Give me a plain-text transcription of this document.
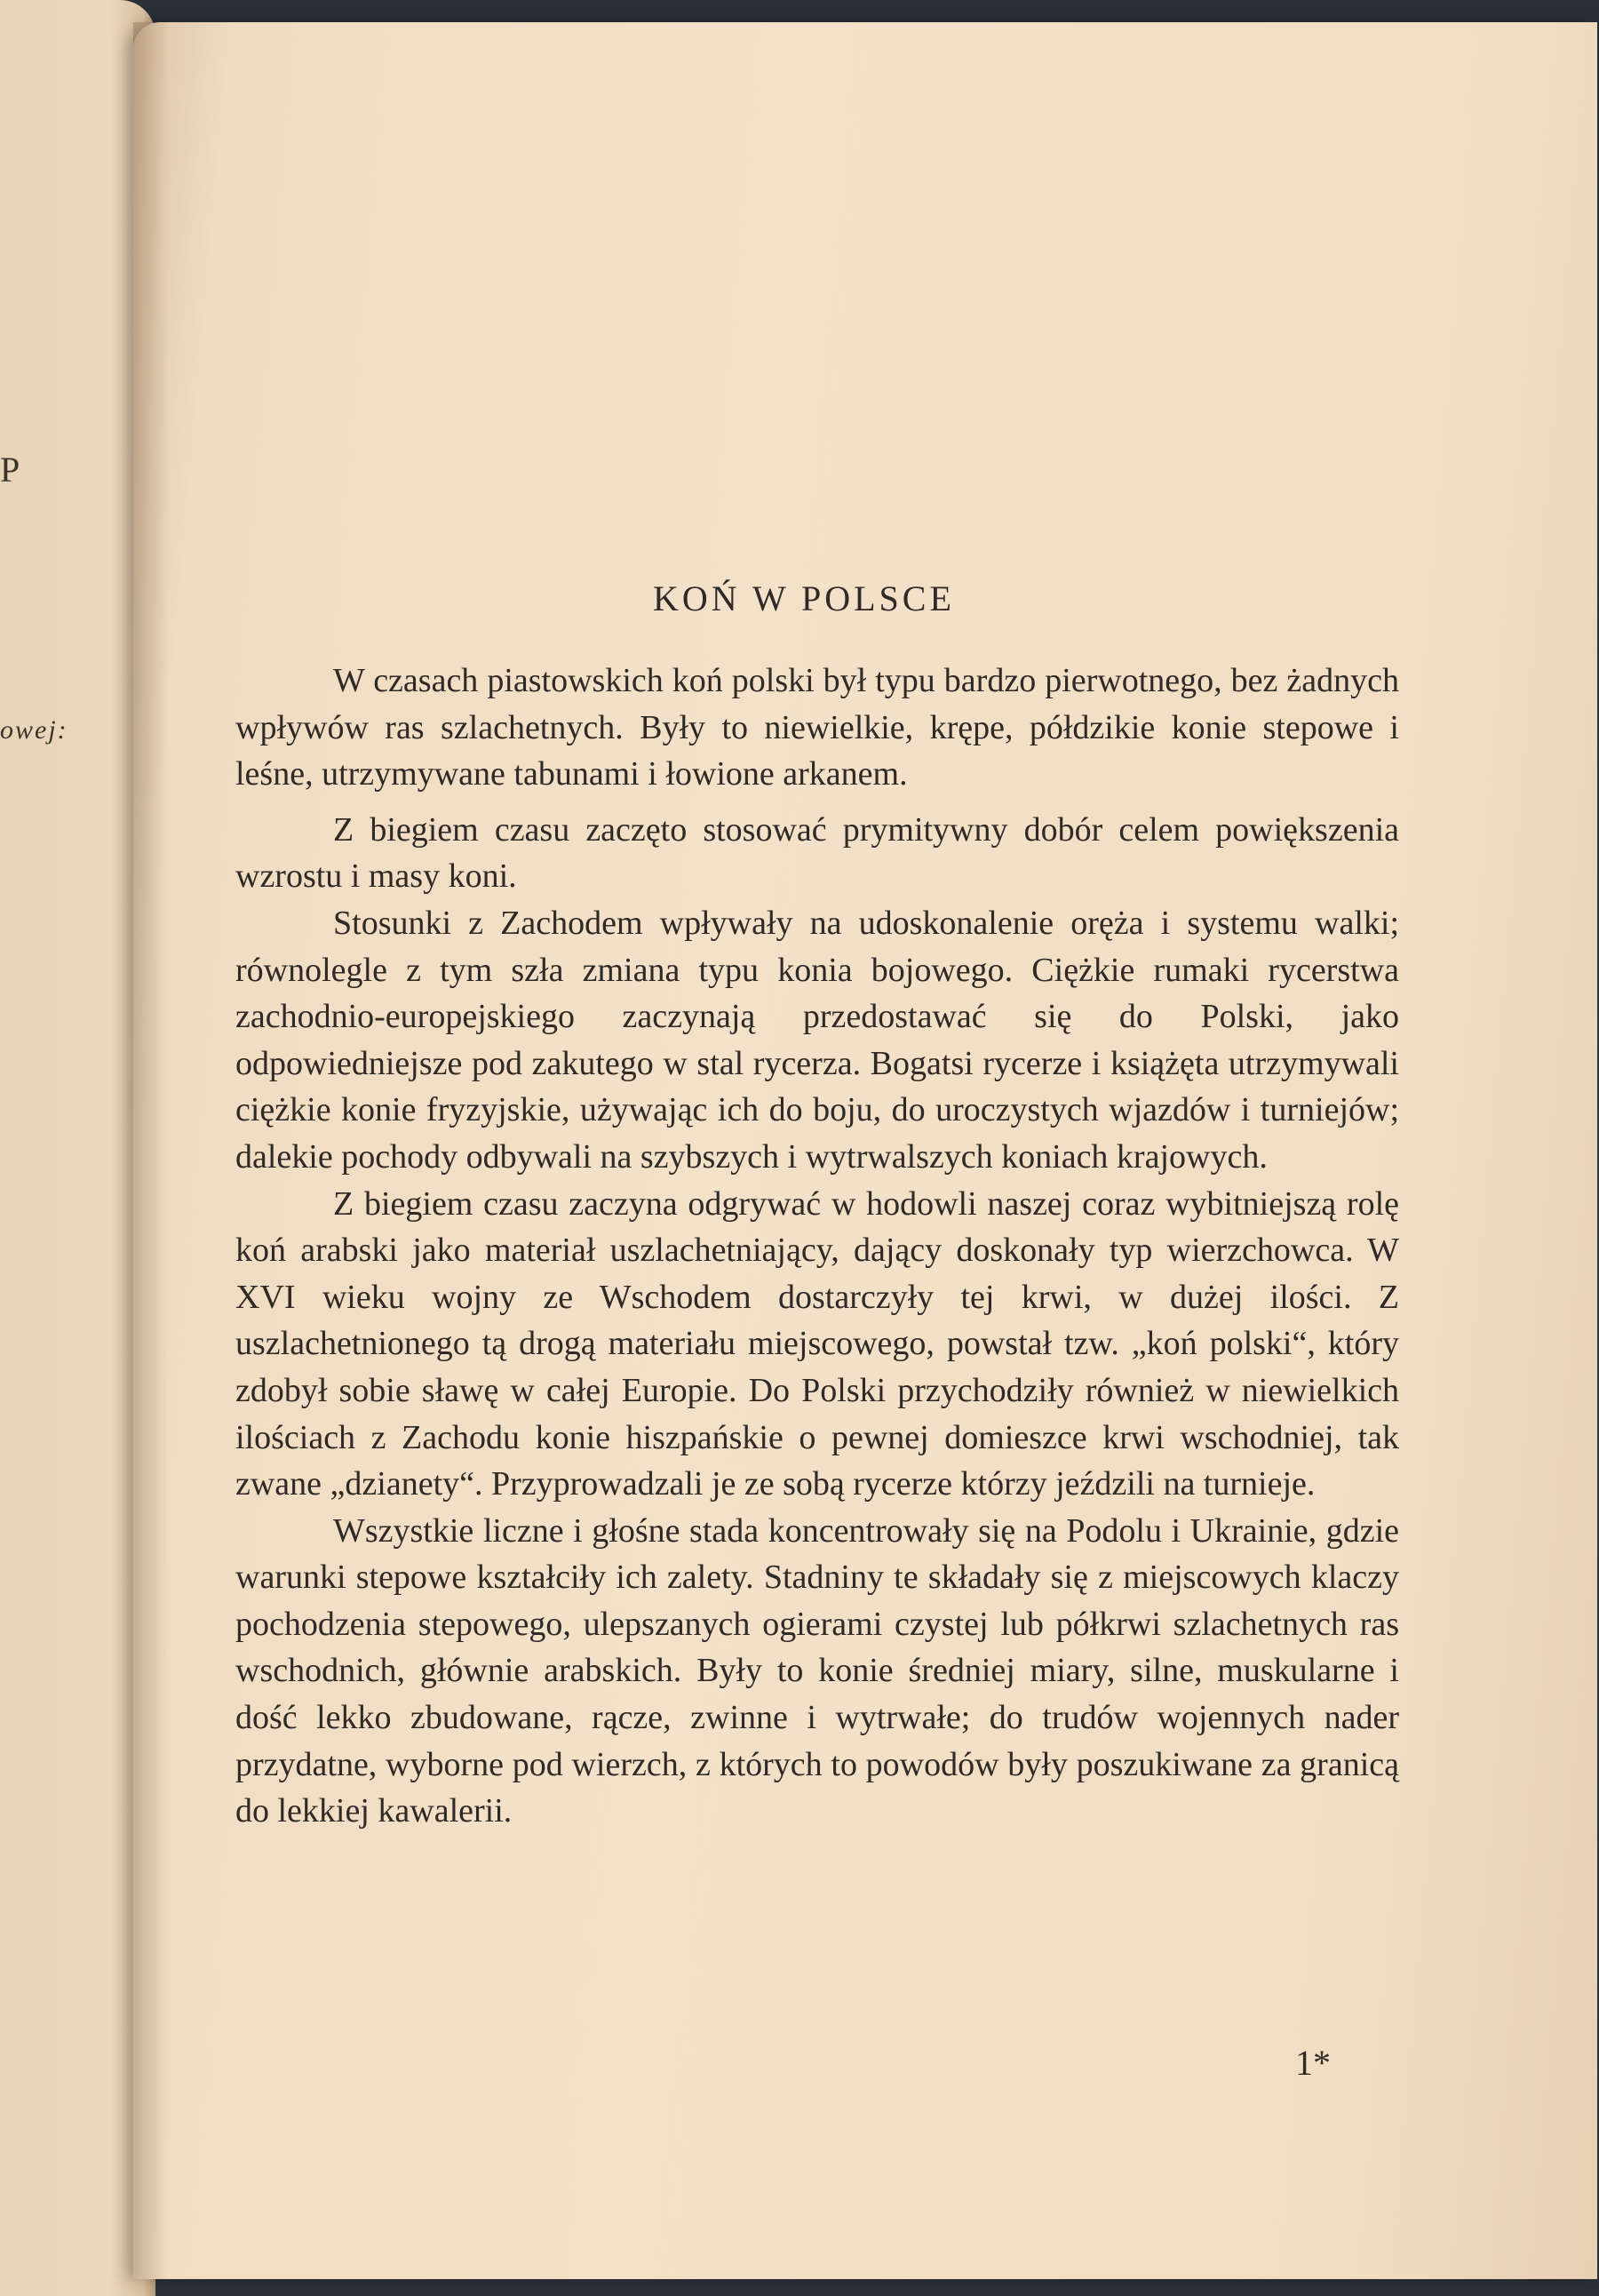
P
owej:
KOŃ W POLSCE

W czasach piastowskich koń polski był typu bardzo pierwotnego, bez żadnych wpływów ras szlachetnych. Były to niewielkie, krępe, półdzikie konie stepowe i leśne, utrzymywane tabunami i łowione arkanem.

Z biegiem czasu zaczęto stosować prymitywny dobór celem powiększenia wzrostu i masy koni.

Stosunki z Zachodem wpływały na udoskonalenie oręża i systemu walki; równolegle z tym szła zmiana typu konia bojowego. Ciężkie rumaki rycerstwa zachodnio-europejskiego zaczynają przedostawać się do Polski, jako odpowiedniejsze pod zakutego w stal rycerza. Bogatsi rycerze i książęta utrzymywali ciężkie konie fryzyjskie, używając ich do boju, do uroczystych wjazdów i turniejów; dalekie pochody odbywali na szybszych i wytrwalszych koniach krajowych.

Z biegiem czasu zaczyna odgrywać w hodowli naszej coraz wybitniejszą rolę koń arabski jako materiał uszlachetniający, dający doskonały typ wierzchowca. W XVI wieku wojny ze Wschodem dostarczyły tej krwi, w dużej ilości. Z uszlachetnionego tą drogą materiału miejscowego, powstał tzw. „koń polski“, który zdobył sobie sławę w całej Europie. Do Polski przychodziły również w niewielkich ilościach z Zachodu konie hiszpańskie o pewnej domieszce krwi wschodniej, tak zwane „dzianety“. Przyprowadzali je ze sobą rycerze którzy jeździli na turnieje.

Wszystkie liczne i głośne stada koncentrowały się na Podolu i Ukrainie, gdzie warunki stepowe kształciły ich zalety. Stadniny te składały się z miejscowych klaczy pochodzenia stepowego, ulepszanych ogierami czystej lub półkrwi szlachetnych ras wschodnich, głównie arabskich. Były to konie średniej miary, silne, muskularne i dość lekko zbudowane, rącze, zwinne i wytrwałe; do trudów wojennych nader przydatne, wyborne pod wierzch, z których to powodów były poszukiwane za granicą do lekkiej kawalerii.

1*
